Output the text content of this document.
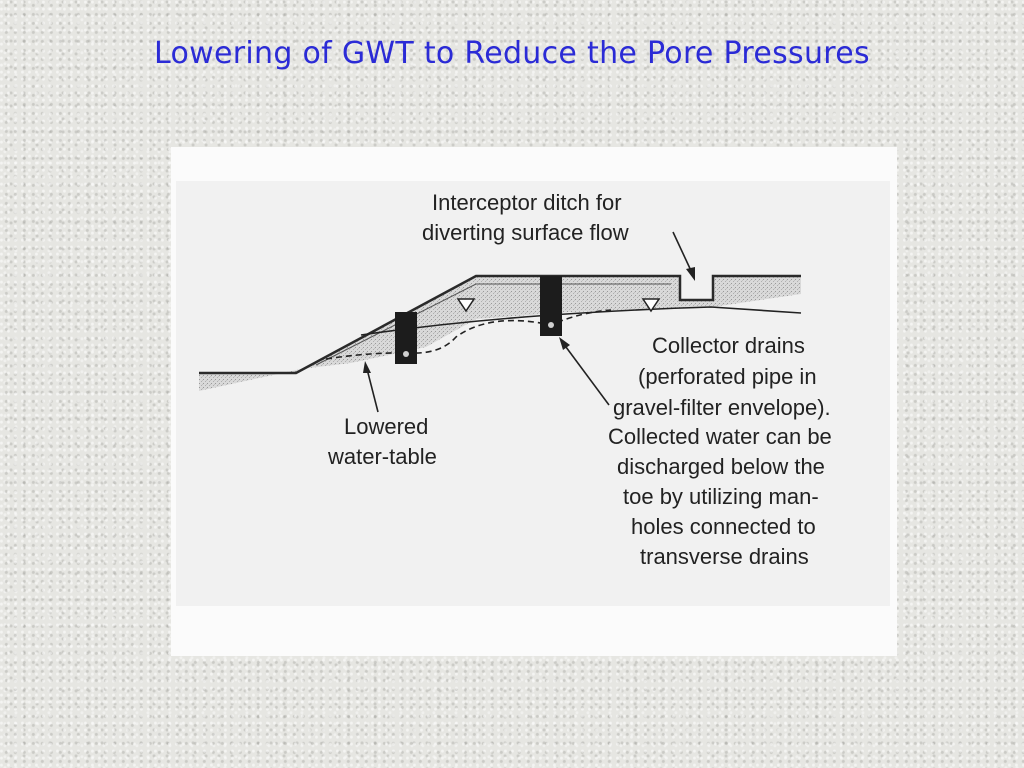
Lowering of GWT to Reduce the Pore Pressures
Interceptor ditch for
diverting surface flow
Lowered
water-table
Collector drains
(perforated pipe in
gravel-filter envelope).
Collected water can be
discharged below the
toe by utilizing man-
holes connected to
transverse drains
